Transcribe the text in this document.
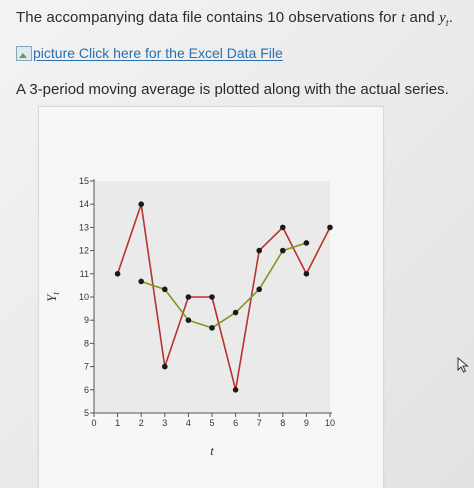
The accompanying data file contains 10 observations for t and $y_t$.
picture Click here for the Excel Data File
A 3-period moving average is plotted along with the actual series.
5
6
7
8
9
10
11
12
13
14
15
0 1 2 3 4 5 6 7 8 9 10
$Y_t$
t
